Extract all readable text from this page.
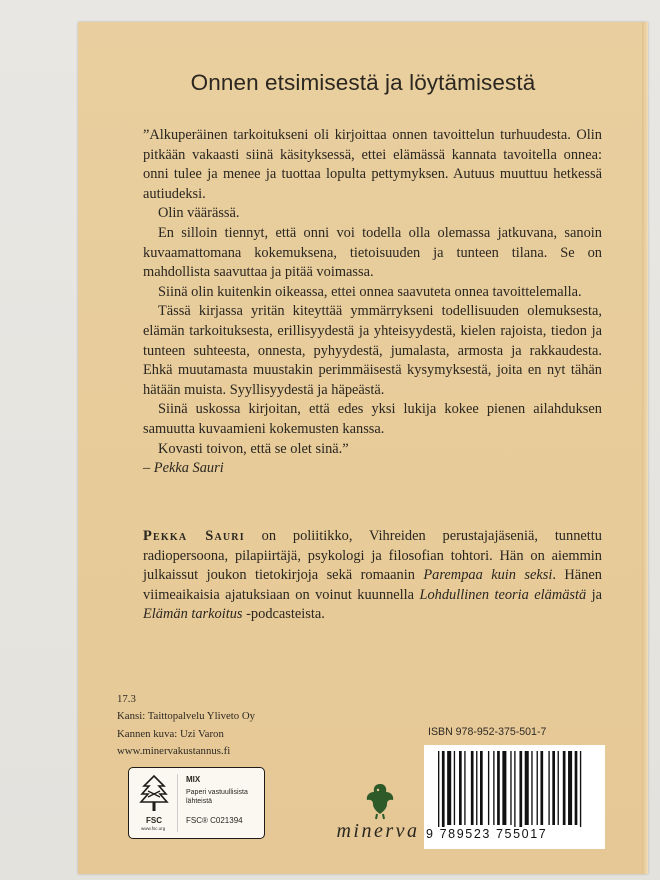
Onnen etsimisestä ja löytämisestä

”Alkuperäinen tarkoitukseni oli kirjoittaa onnen tavoittelun turhuudesta. Olin pitkään vakaasti siinä käsityksessä, ettei elämässä kannata tavoitella onnea: onni tulee ja menee ja tuottaa lopulta pettymyksen. Autuus muuttuu hetkessä autiudeksi.

Olin väärässä.

En silloin tiennyt, että onni voi todella olla olemassa jatkuvana, sanoin kuvaamattomana kokemuksena, tietoisuuden ja tunteen tilana. Se on mahdollista saavuttaa ja pitää voimassa.

Siinä olin kuitenkin oikeassa, ettei onnea saavuteta onnea tavoittelemalla.

Tässä kirjassa yritän kiteyttää ymmärrykseni todellisuuden olemuksesta, elämän tarkoituksesta, erillisyydestä ja yhteisyydestä, kielen rajoista, tiedon ja tunteen suhteesta, onnesta, pyhyydestä, jumalasta, armosta ja rakkaudesta. Ehkä muutamasta muustakin perimmäisestä kysymyksestä, joita en nyt tähän hätään muista. Syyllisyydestä ja häpeästä.

Siinä uskossa kirjoitan, että edes yksi lukija kokee pienen ailahduksen samuutta kuvaamieni kokemusten kanssa.

Kovasti toivon, että se olet sinä.”

– Pekka Sauri

Pekka Sauri on poliitikko, Vihreiden perustajajäseniä, tunnettu radiopersoona, pilapiirtäjä, psykologi ja filosofian tohtori. Hän on aiemmin julkaissut joukon tietokirjoja sekä romaanin Parempaa kuin seksi. Hänen viimeaikaisia ajatuksiaan on voinut kuunnella Lohdullinen teoria elämästä ja Elämän tarkoitus -podcasteista.
17.3
Kansi: Taittopalvelu Yliveto Oy
Kannen kuva: Uzi Varon
www.minervakustannus.fi
FSC
www.fsc.org
MIX
Paperi vastuullisista lähteistä
FSC® C021394	minerva
ISBN 978-952-375-501-7
9 789523 755017
